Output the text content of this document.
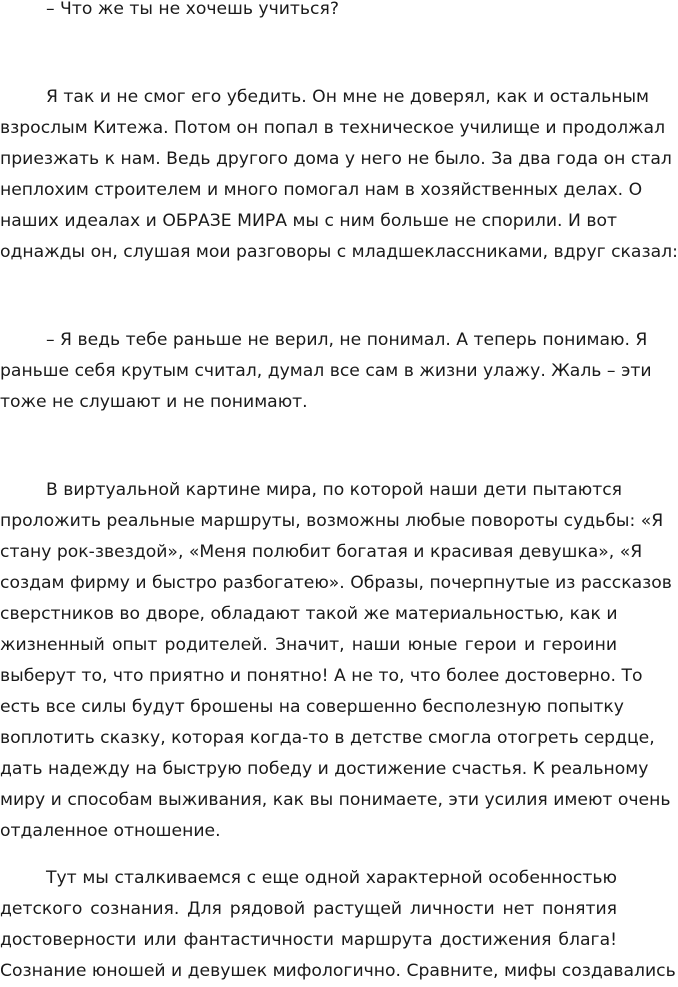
– Что же ты не хочешь учиться?
Я так и не смог его убедить. Он мне не доверял, как и остальным
взрослым Китежа. Потом он попал в техническое училище и продолжал
приезжать к нам. Ведь другого дома у него не было. За два года он стал
неплохим строителем и много помогал нам в хозяйственных делах. О
наших идеалах и ОБРАЗЕ МИРА мы с ним больше не спорили. И вот
однажды он, слушая мои разговоры с младшеклассниками, вдруг сказал:
– Я ведь тебе раньше не верил, не понимал. А теперь понимаю. Я
раньше себя крутым считал, думал все сам в жизни улажу. Жаль – эти
тоже не слушают и не понимают.
В виртуальной картине мира, по которой наши дети пытаются
проложить реальные маршруты, возможны любые повороты судьбы: «Я
стану рок-звездой», «Меня полюбит богатая и красивая девушка», «Я
создам фирму и быстро разбогатею». Образы, почерпнутые из рассказов
сверстников во дворе, обладают такой же материальностью, как и
жизненный опыт родителей. Значит, наши юные герои и героини
выберут то, что приятно и понятно! А не то, что более достоверно. То
есть все силы будут брошены на совершенно бесполезную попытку
воплотить сказку, которая когда-то в детстве смогла отогреть сердце,
дать надежду на быструю победу и достижение счастья. К реальному
миру и способам выживания, как вы понимаете, эти усилия имеют очень
отдаленное отношение.
Тут мы сталкиваемся с еще одной характерной особенностью
детского сознания. Для рядовой растущей личности нет понятия
достоверности или фантастичности маршрута достижения блага!
Сознание юношей и девушек мифологично. Сравните, мифы создавались
